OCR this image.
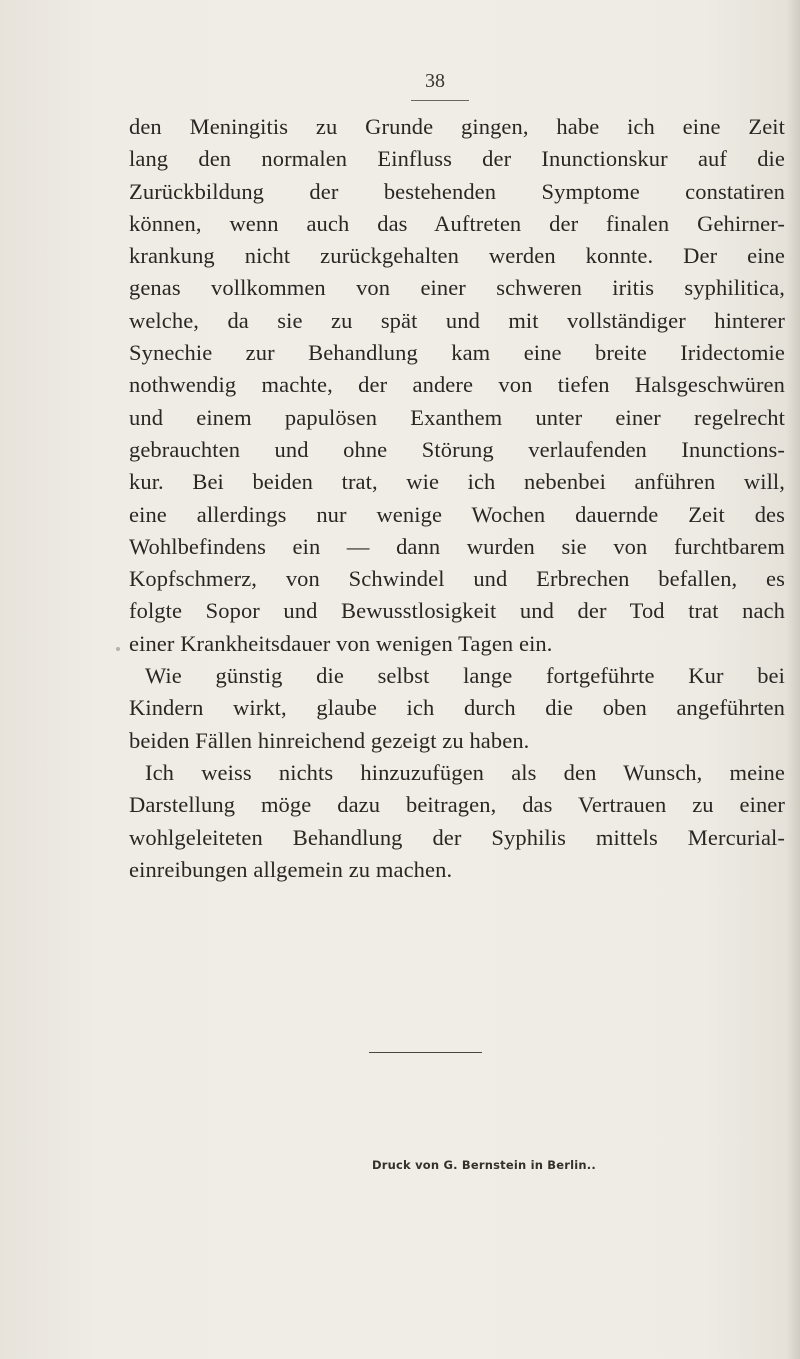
38
den Meningitis zu Grunde gingen, habe ich eine Zeit
lang den normalen Einfluss der Inunctionskur auf die
Zurückbildung der bestehenden Symptome constatiren
können, wenn auch das Auftreten der finalen Gehirner-
krankung nicht zurückgehalten werden konnte. Der eine
genas vollkommen von einer schweren iritis syphilitica,
welche, da sie zu spät und mit vollständiger hinterer
Synechie zur Behandlung kam eine breite Iridectomie
nothwendig machte, der andere von tiefen Halsgeschwüren
und einem papulösen Exanthem unter einer regelrecht
gebrauchten und ohne Störung verlaufenden Inunctions-
kur. Bei beiden trat, wie ich nebenbei anführen will,
eine allerdings nur wenige Wochen dauernde Zeit des
Wohlbefindens ein — dann wurden sie von furchtbarem
Kopfschmerz, von Schwindel und Erbrechen befallen, es
folgte Sopor und Bewusstlosigkeit und der Tod trat nach
einer Krankheitsdauer von wenigen Tagen ein.
Wie günstig die selbst lange fortgeführte Kur bei
Kindern wirkt, glaube ich durch die oben angeführten
beiden Fällen hinreichend gezeigt zu haben.
Ich weiss nichts hinzuzufügen als den Wunsch, meine
Darstellung möge dazu beitragen, das Vertrauen zu einer
wohlgeleiteten Behandlung der Syphilis mittels Mercurial-
einreibungen allgemein zu machen.
Druck von G. Bernstein in Berlin..
